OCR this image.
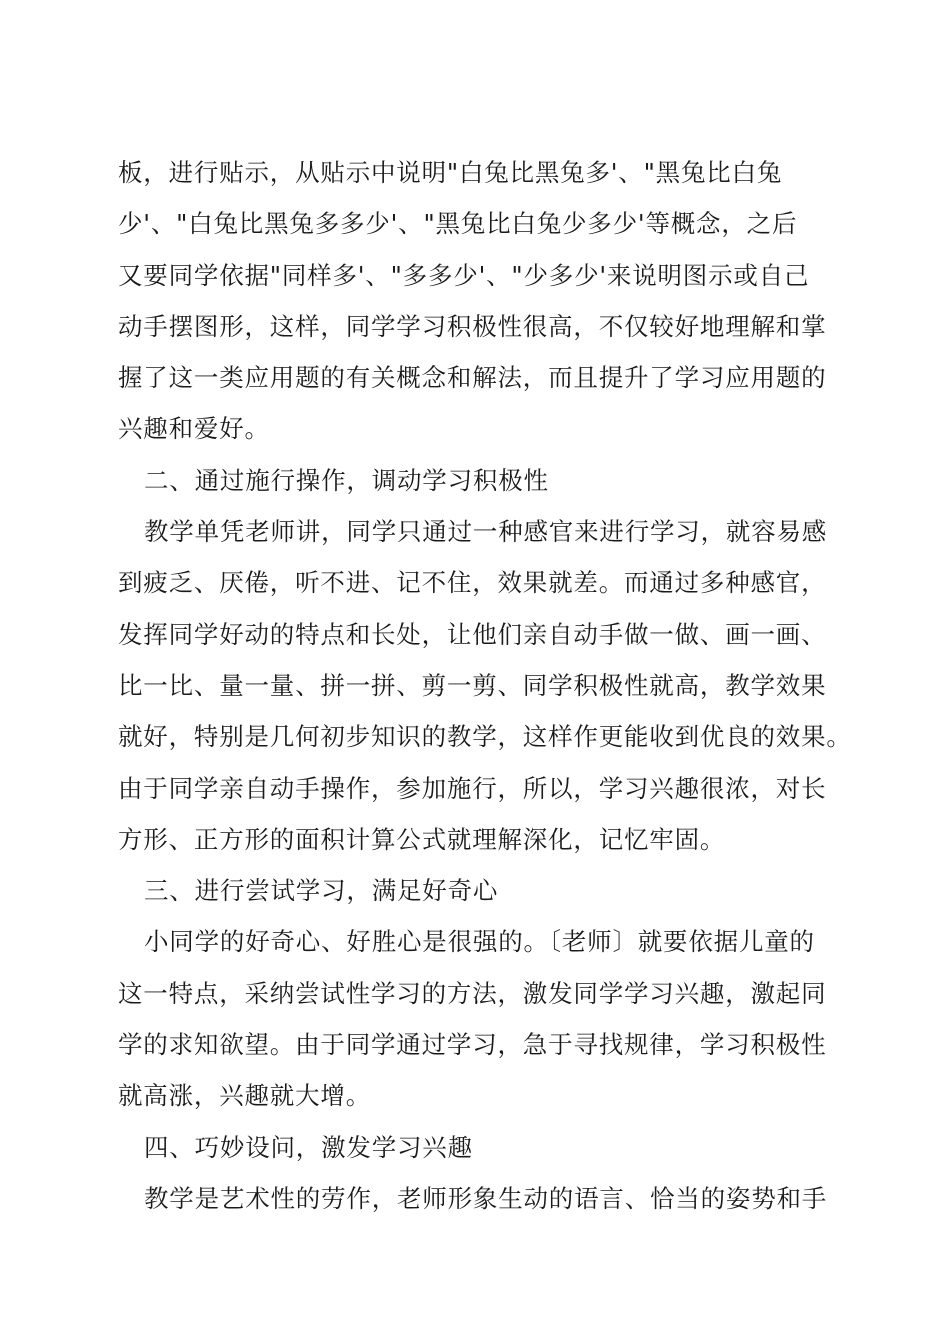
板，进行贴示，从贴示中说明"白兔比黑兔多'、"黑兔比白兔
少'、"白兔比黑兔多多少'、"黑兔比白兔少多少'等概念，之后
又要同学依据"同样多'、"多多少'、"少多少'来说明图示或自己
动手摆图形，这样，同学学习积极性很高，不仅较好地理解和掌
握了这一类应用题的有关概念和解法，而且提升了学习应用题的
兴趣和爱好。
二、通过施行操作，调动学习积极性
教学单凭老师讲，同学只通过一种感官来进行学习，就容易感
到疲乏、厌倦，听不进、记不住，效果就差。而通过多种感官，
发挥同学好动的特点和长处，让他们亲自动手做一做、画一画、
比一比、量一量、拼一拼、剪一剪、同学积极性就高，教学效果
就好，特别是几何初步知识的教学，这样作更能收到优良的效果。
由于同学亲自动手操作，参加施行，所以，学习兴趣很浓，对长
方形、正方形的面积计算公式就理解深化，记忆牢固。
三、进行尝试学习，满足好奇心
小同学的好奇心、好胜心是很强的。〔老师〕就要依据儿童的
这一特点，采纳尝试性学习的方法，激发同学学习兴趣，激起同
学的求知欲望。由于同学通过学习，急于寻找规律，学习积极性
就高涨，兴趣就大增。
四、巧妙设问，激发学习兴趣
教学是艺术性的劳作，老师形象生动的语言、恰当的姿势和手
